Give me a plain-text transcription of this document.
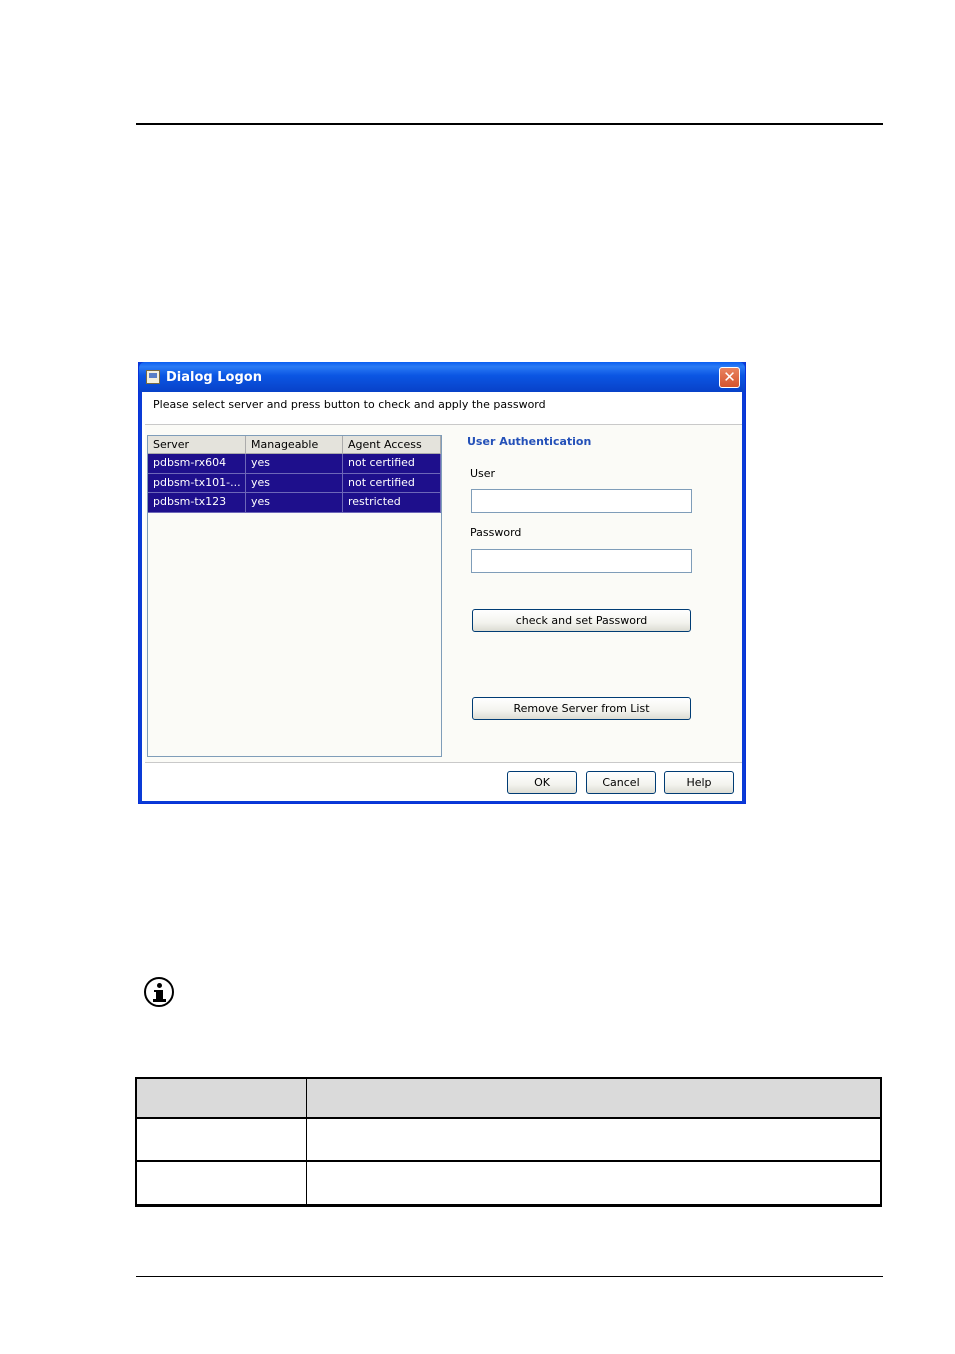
Dialog Logon	✕
Please select server and press button to check and apply the password
Server	Manageable	Agent Access
pdbsm-rx604	yes	not certified
pdbsm-tx101-... yes	not certified
pdbsm-tx123	yes	restricted
User Authentication
User
Password
check and set Password
Remove Server from List
OK	Cancel	Help
